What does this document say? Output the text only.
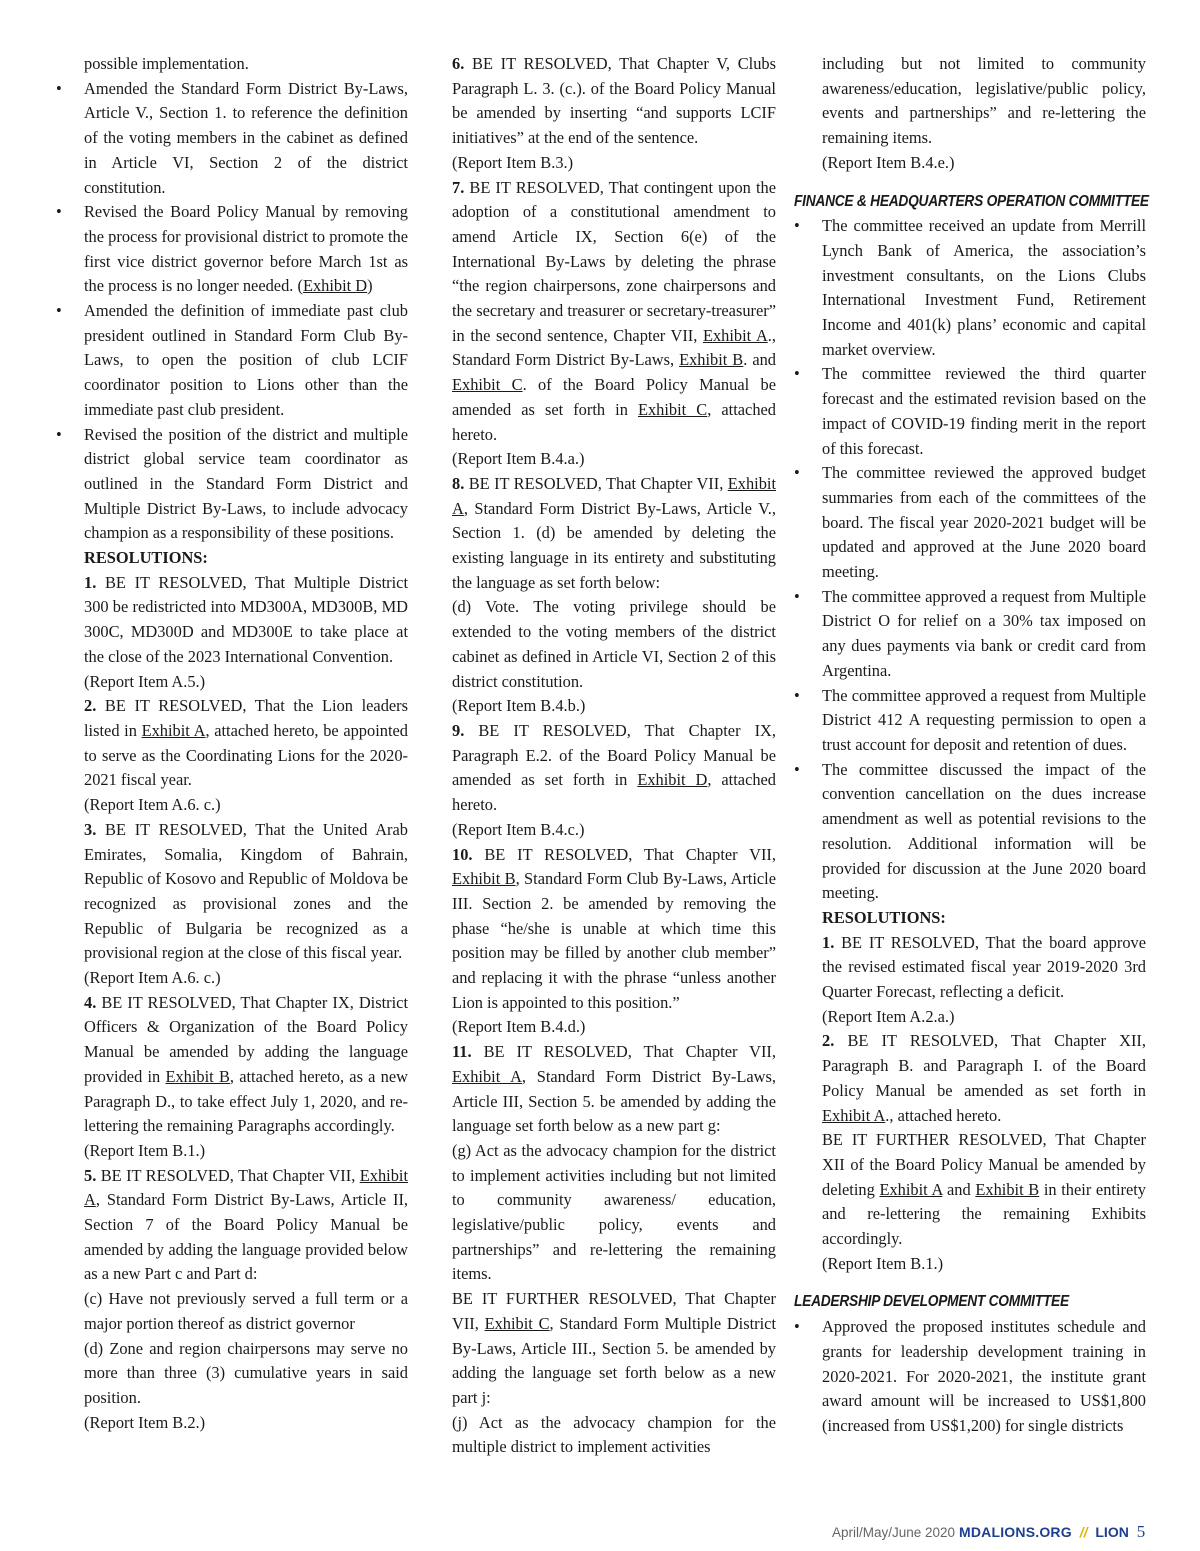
possible implementation.

• Amended the Standard Form District By-Laws, Article V., Section 1. to reference the definition of the voting members in the cabinet as defined in Article VI, Section 2 of the district constitution.

• Revised the Board Policy Manual by removing the process for provisional district to promote the first vice district governor before March 1st as the process is no longer needed. (Exhibit D)

• Amended the definition of immediate past club president outlined in Standard Form Club By-Laws, to open the position of club LCIF coordinator position to Lions other than the immediate past club president.

• Revised the position of the district and multiple district global service team coordinator as outlined in the Standard Form District and Multiple District By-Laws, to include advocacy champion as a responsibility of these positions.

RESOLUTIONS:

1. BE IT RESOLVED, That Multiple District 300 be redistricted into MD300A, MD300B, MD 300C, MD300D and MD300E to take place at the close of the 2023 International Convention.

(Report Item A.5.)

2. BE IT RESOLVED, That the Lion leaders listed in Exhibit A, attached hereto, be appointed to serve as the Coordinating Lions for the 2020-2021 fiscal year.

(Report Item A.6. c.)

3. BE IT RESOLVED, That the United Arab Emirates, Somalia, Kingdom of Bahrain, Republic of Kosovo and Republic of Moldova be recognized as provisional zones and the Republic of Bulgaria be recognized as a provisional region at the close of this fiscal year.

(Report Item A.6. c.)

4. BE IT RESOLVED, That Chapter IX, District Officers & Organization of the Board Policy Manual be amended by adding the language provided in Exhibit B, attached hereto, as a new Paragraph D., to take effect July 1, 2020, and re-lettering the remaining Paragraphs accordingly.

(Report Item B.1.)

5. BE IT RESOLVED, That Chapter VII, Exhibit A, Standard Form District By-Laws, Article II, Section 7 of the Board Policy Manual be amended by adding the language provided below as a new Part c and Part d:

(c) Have not previously served a full term or a major portion thereof as district governor

(d) Zone and region chairpersons may serve no more than three (3) cumulative years in said position.

(Report Item B.2.)

6. BE IT RESOLVED, That Chapter V, Clubs Paragraph L. 3. (c.). of the Board Policy Manual be amended by inserting “and supports LCIF initiatives” at the end of the sentence.

(Report Item B.3.)

7. BE IT RESOLVED, That contingent upon the adoption of a constitutional amendment to amend Article IX, Section 6(e) of the International By-Laws by deleting the phrase “the region chairpersons, zone chairpersons and the secretary and treasurer or secretary-treasurer” in the second sentence, Chapter VII, Exhibit A., Standard Form District By-Laws, Exhibit B. and Exhibit C. of the Board Policy Manual be amended as set forth in Exhibit C, attached hereto.

(Report Item B.4.a.)

8. BE IT RESOLVED, That Chapter VII, Exhibit A, Standard Form District By-Laws, Article V., Section 1. (d) be amended by deleting the existing language in its entirety and substituting the language as set forth below:

(d) Vote. The voting privilege should be extended to the voting members of the district cabinet as defined in Article VI, Section 2 of this district constitution.

(Report Item B.4.b.)

9. BE IT RESOLVED, That Chapter IX, Paragraph E.2. of the Board Policy Manual be amended as set forth in Exhibit D, attached hereto.

(Report Item B.4.c.)

10. BE IT RESOLVED, That Chapter VII, Exhibit B, Standard Form Club By-Laws, Article III. Section 2. be amended by removing the phase “he/she is unable at which time this position may be filled by another club member” and replacing it with the phrase “unless another Lion is appointed to this position.”

(Report Item B.4.d.)

11. BE IT RESOLVED, That Chapter VII, Exhibit A, Standard Form District By-Laws, Article III, Section 5. be amended by adding the language set forth below as a new part g:

(g) Act as the advocacy champion for the district to implement activities including but not limited to community awareness/ education, legislative/public policy, events and partnerships” and re-lettering the remaining items.

BE IT FURTHER RESOLVED, That Chapter VII, Exhibit C, Standard Form Multiple District By-Laws, Article III., Section 5. be amended by adding the language set forth below as a new part j:

(j) Act as the advocacy champion for the multiple district to implement activities

including but not limited to community awareness/education, legislative/public policy, events and partnerships” and re-lettering the remaining items.

(Report Item B.4.e.)

FINANCE & HEADQUARTERS OPERATION COMMITTEE

• The committee received an update from Merrill Lynch Bank of America, the association’s investment consultants, on the Lions Clubs International Investment Fund, Retirement Income and 401(k) plans’ economic and capital market overview.

• The committee reviewed the third quarter forecast and the estimated revision based on the impact of COVID-19 finding merit in the report of this forecast.

• The committee reviewed the approved budget summaries from each of the committees of the board. The fiscal year 2020-2021 budget will be updated and approved at the June 2020 board meeting.

• The committee approved a request from Multiple District O for relief on a 30% tax imposed on any dues payments via bank or credit card from Argentina.

• The committee approved a request from Multiple District 412 A requesting permission to open a trust account for deposit and retention of dues.

• The committee discussed the impact of the convention cancellation on the dues increase amendment as well as potential revisions to the resolution. Additional information will be provided for discussion at the June 2020 board meeting.

RESOLUTIONS:

1. BE IT RESOLVED, That the board approve the revised estimated fiscal year 2019-2020 3rd Quarter Forecast, reflecting a deficit.

(Report Item A.2.a.)

2. BE IT RESOLVED, That Chapter XII, Paragraph B. and Paragraph I. of the Board Policy Manual be amended as set forth in Exhibit A., attached hereto.

BE IT FURTHER RESOLVED, That Chapter XII of the Board Policy Manual be amended by deleting Exhibit A and Exhibit B in their entirety and re-lettering the remaining Exhibits accordingly.

(Report Item B.1.)

LEADERSHIP DEVELOPMENT COMMITTEE

• Approved the proposed institutes schedule and grants for leadership development training in 2020-2021. For 2020-2021, the institute grant award amount will be increased to US$1,800 (increased from US$1,200) for single districts

April/May/June 2020 MDALIONS.ORG // LION 5
